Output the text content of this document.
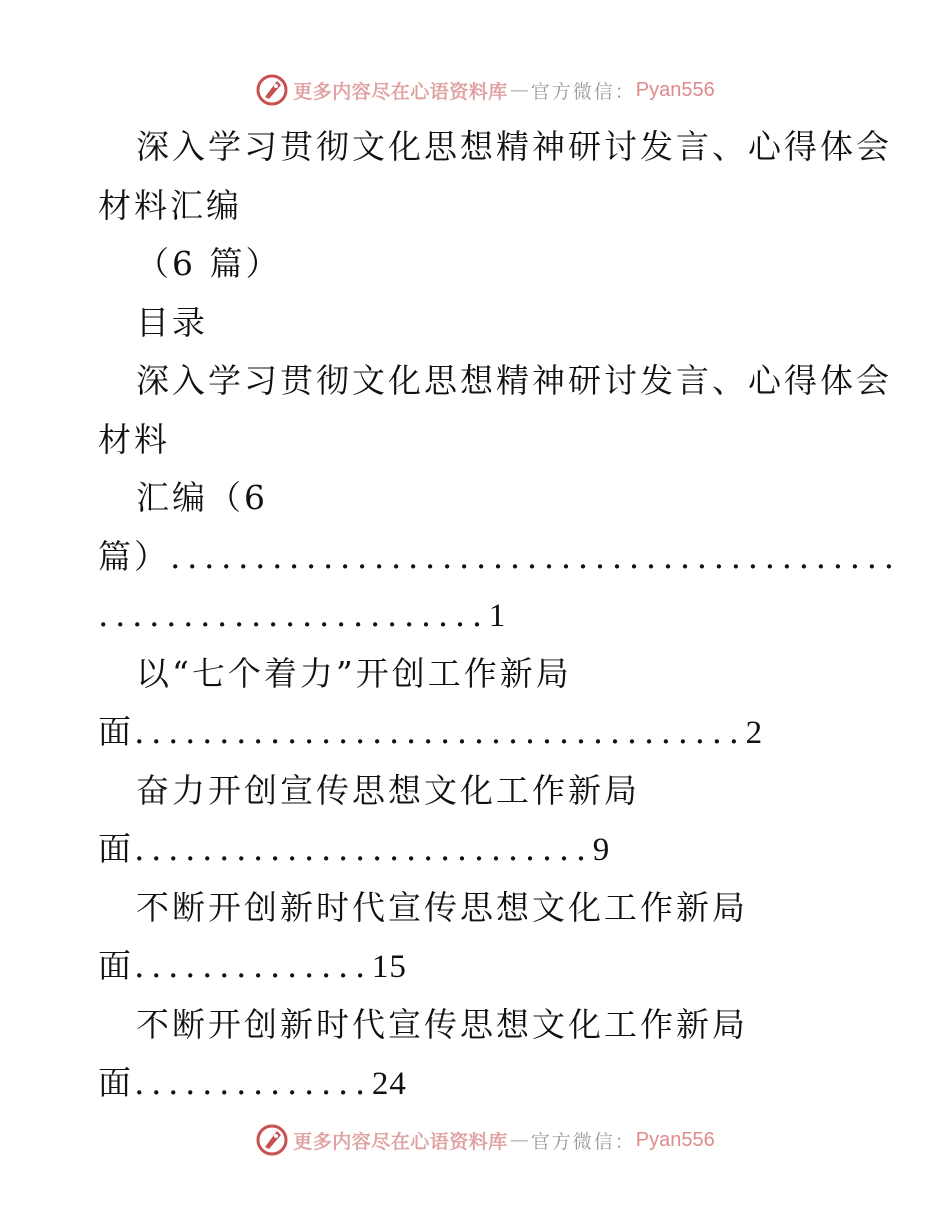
更多内容尽在心语资料库 — 官方微信： Pyan556
深入学习贯彻文化思想精神研讨发言、心得体会
材料汇编
（6 篇）
目录
深入学习贯彻文化思想精神研讨发言、心得体会
材料
汇编（6
篇） ...........................................
....................... 1
以“七个着力”开创工作新局
面 .................................... 2
奋力开创宣传思想文化工作新局
面 ........................... 9
不断开创新时代宣传思想文化工作新局
面 .............. 15
不断开创新时代宣传思想文化工作新局
面 .............. 24
更多内容尽在心语资料库 — 官方微信： Pyan556
